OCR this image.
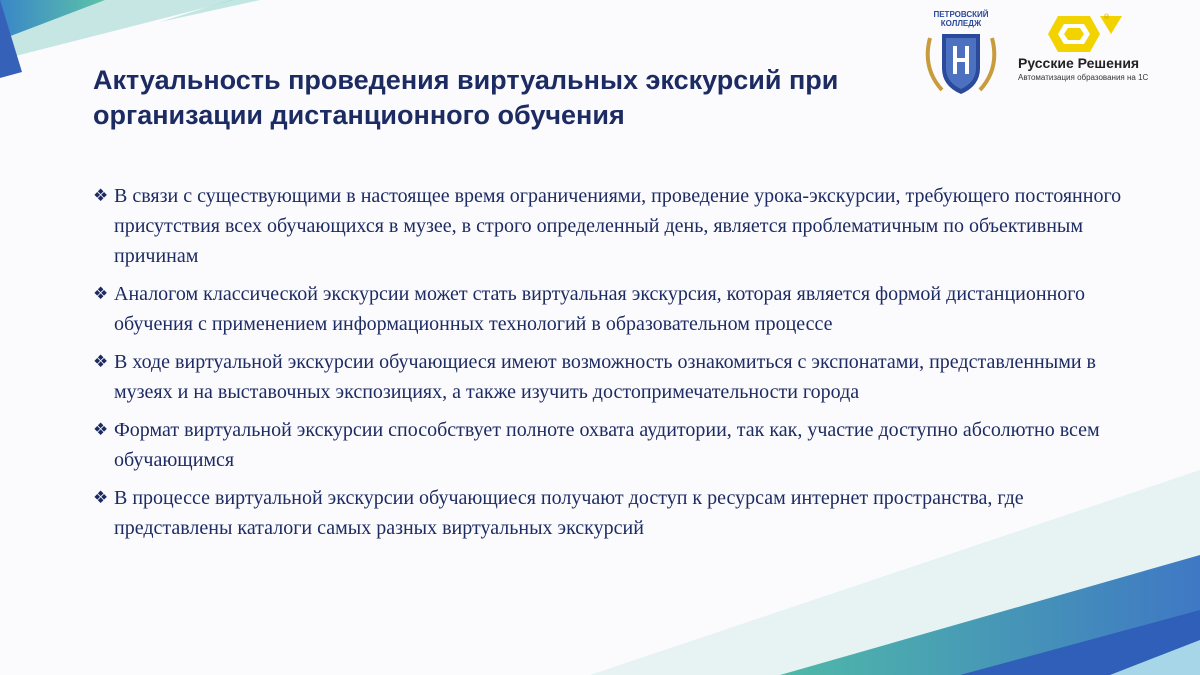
ПЕТРОВСКИЙ
КОЛЛЕДЖ
®
Русские Решения
Автоматизация образования на 1С
Актуальность проведения виртуальных экскурсий при
организации дистанционного обучения
❖ В связи с существующими в настоящее время ограничениями, проведение урока-экскурсии, требующего постоянного присутствия всех обучающихся в музее, в строго определенный день, является проблематичным по объективным причинам
❖ Аналогом классической экскурсии может стать виртуальная экскурсия, которая является формой дистанционного обучения с применением информационных технологий в образовательном процессе
❖ В ходе виртуальной экскурсии обучающиеся имеют возможность ознакомиться с экспонатами, представленными в музеях и на выставочных экспозициях, а также изучить достопримечательности города
❖ Формат виртуальной экскурсии способствует полноте охвата аудитории, так как, участие доступно абсолютно всем обучающимся
❖ В процессе виртуальной экскурсии обучающиеся получают доступ к ресурсам интернет пространства, где представлены каталоги самых разных виртуальных экскурсий
